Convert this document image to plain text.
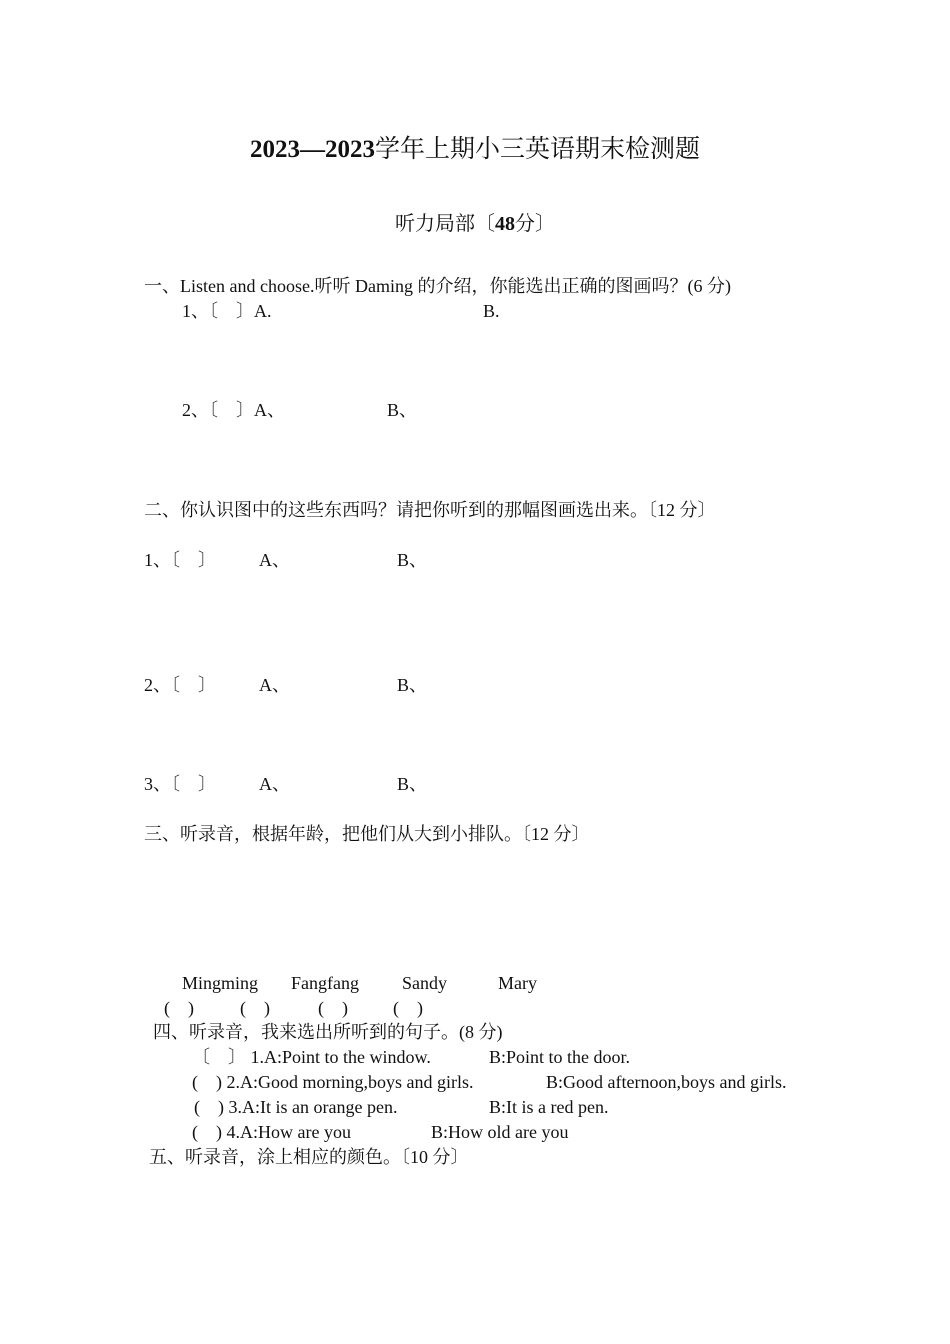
2023—2023学年上期小三英语期末检测题
听力局部〔48分〕
一、Listen and choose.听听 Daming 的介绍，你能选出正确的图画吗？(6 分)
1、〔　〕A.	B.
2、〔　〕A、	B、
二、你认识图中的这些东西吗？请把你听到的那幅图画选出来。〔12 分〕
1、〔　〕 A、	B、
2、〔　〕 A、	B、
3、〔　〕 A、	B、
三、听录音，根据年龄，把他们从大到小排队。〔12 分〕
Mingming Fangfang Sandy	Mary
(　)	(　)	(　)	(　)
四、听录音，我来选出所听到的句子。(8 分)
〔　〕 1.A:Point to the window.	B:Point to the door.
(　) 2.A:Good morning,boys and girls.	B:Good afternoon,boys and girls.
(　) 3.A:It is an orange pen.	B:It is a red pen.
(　) 4.A:How are you	B:How old are you
五、听录音，涂上相应的颜色。〔10 分〕
